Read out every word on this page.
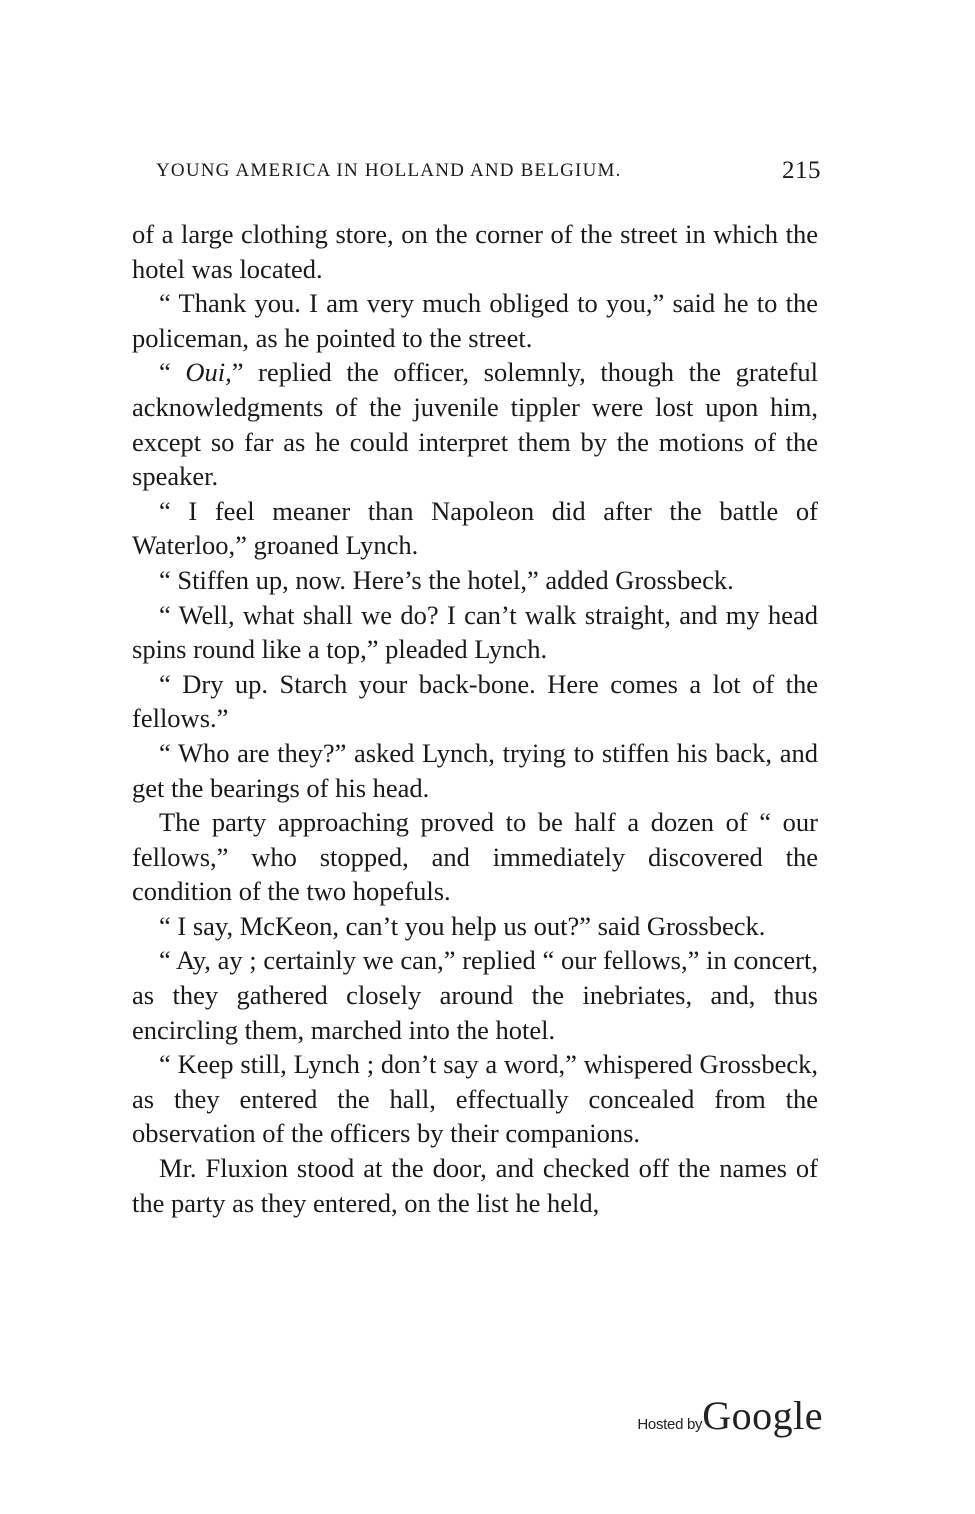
YOUNG AMERICA IN HOLLAND AND BELGIUM.	215

of a large clothing store, on the corner of the street in which the hotel was located.

“ Thank you. I am very much obliged to you,” said he to the policeman, as he pointed to the street.

“ Oui,” replied the officer, solemnly, though the grateful acknowledgments of the juvenile tippler were lost upon him, except so far as he could interpret them by the motions of the speaker.

“ I feel meaner than Napoleon did after the battle of Waterloo,” groaned Lynch.

“ Stiffen up, now. Here’s the hotel,” added Grossbeck.

“ Well, what shall we do? I can’t walk straight, and my head spins round like a top,” pleaded Lynch.

“ Dry up. Starch your back-bone. Here comes a lot of the fellows.”

“ Who are they?” asked Lynch, trying to stiffen his back, and get the bearings of his head.

The party approaching proved to be half a dozen of “ our fellows,” who stopped, and immediately discovered the condition of the two hopefuls.

“ I say, McKeon, can’t you help us out?” said Grossbeck.

“ Ay, ay ; certainly we can,” replied “ our fellows,” in concert, as they gathered closely around the inebriates, and, thus encircling them, marched into the hotel.

“ Keep still, Lynch ; don’t say a word,” whispered Grossbeck, as they entered the hall, effectually concealed from the observation of the officers by their companions.

Mr. Fluxion stood at the door, and checked off the names of the party as they entered, on the list he held,

Hosted byGoogle
